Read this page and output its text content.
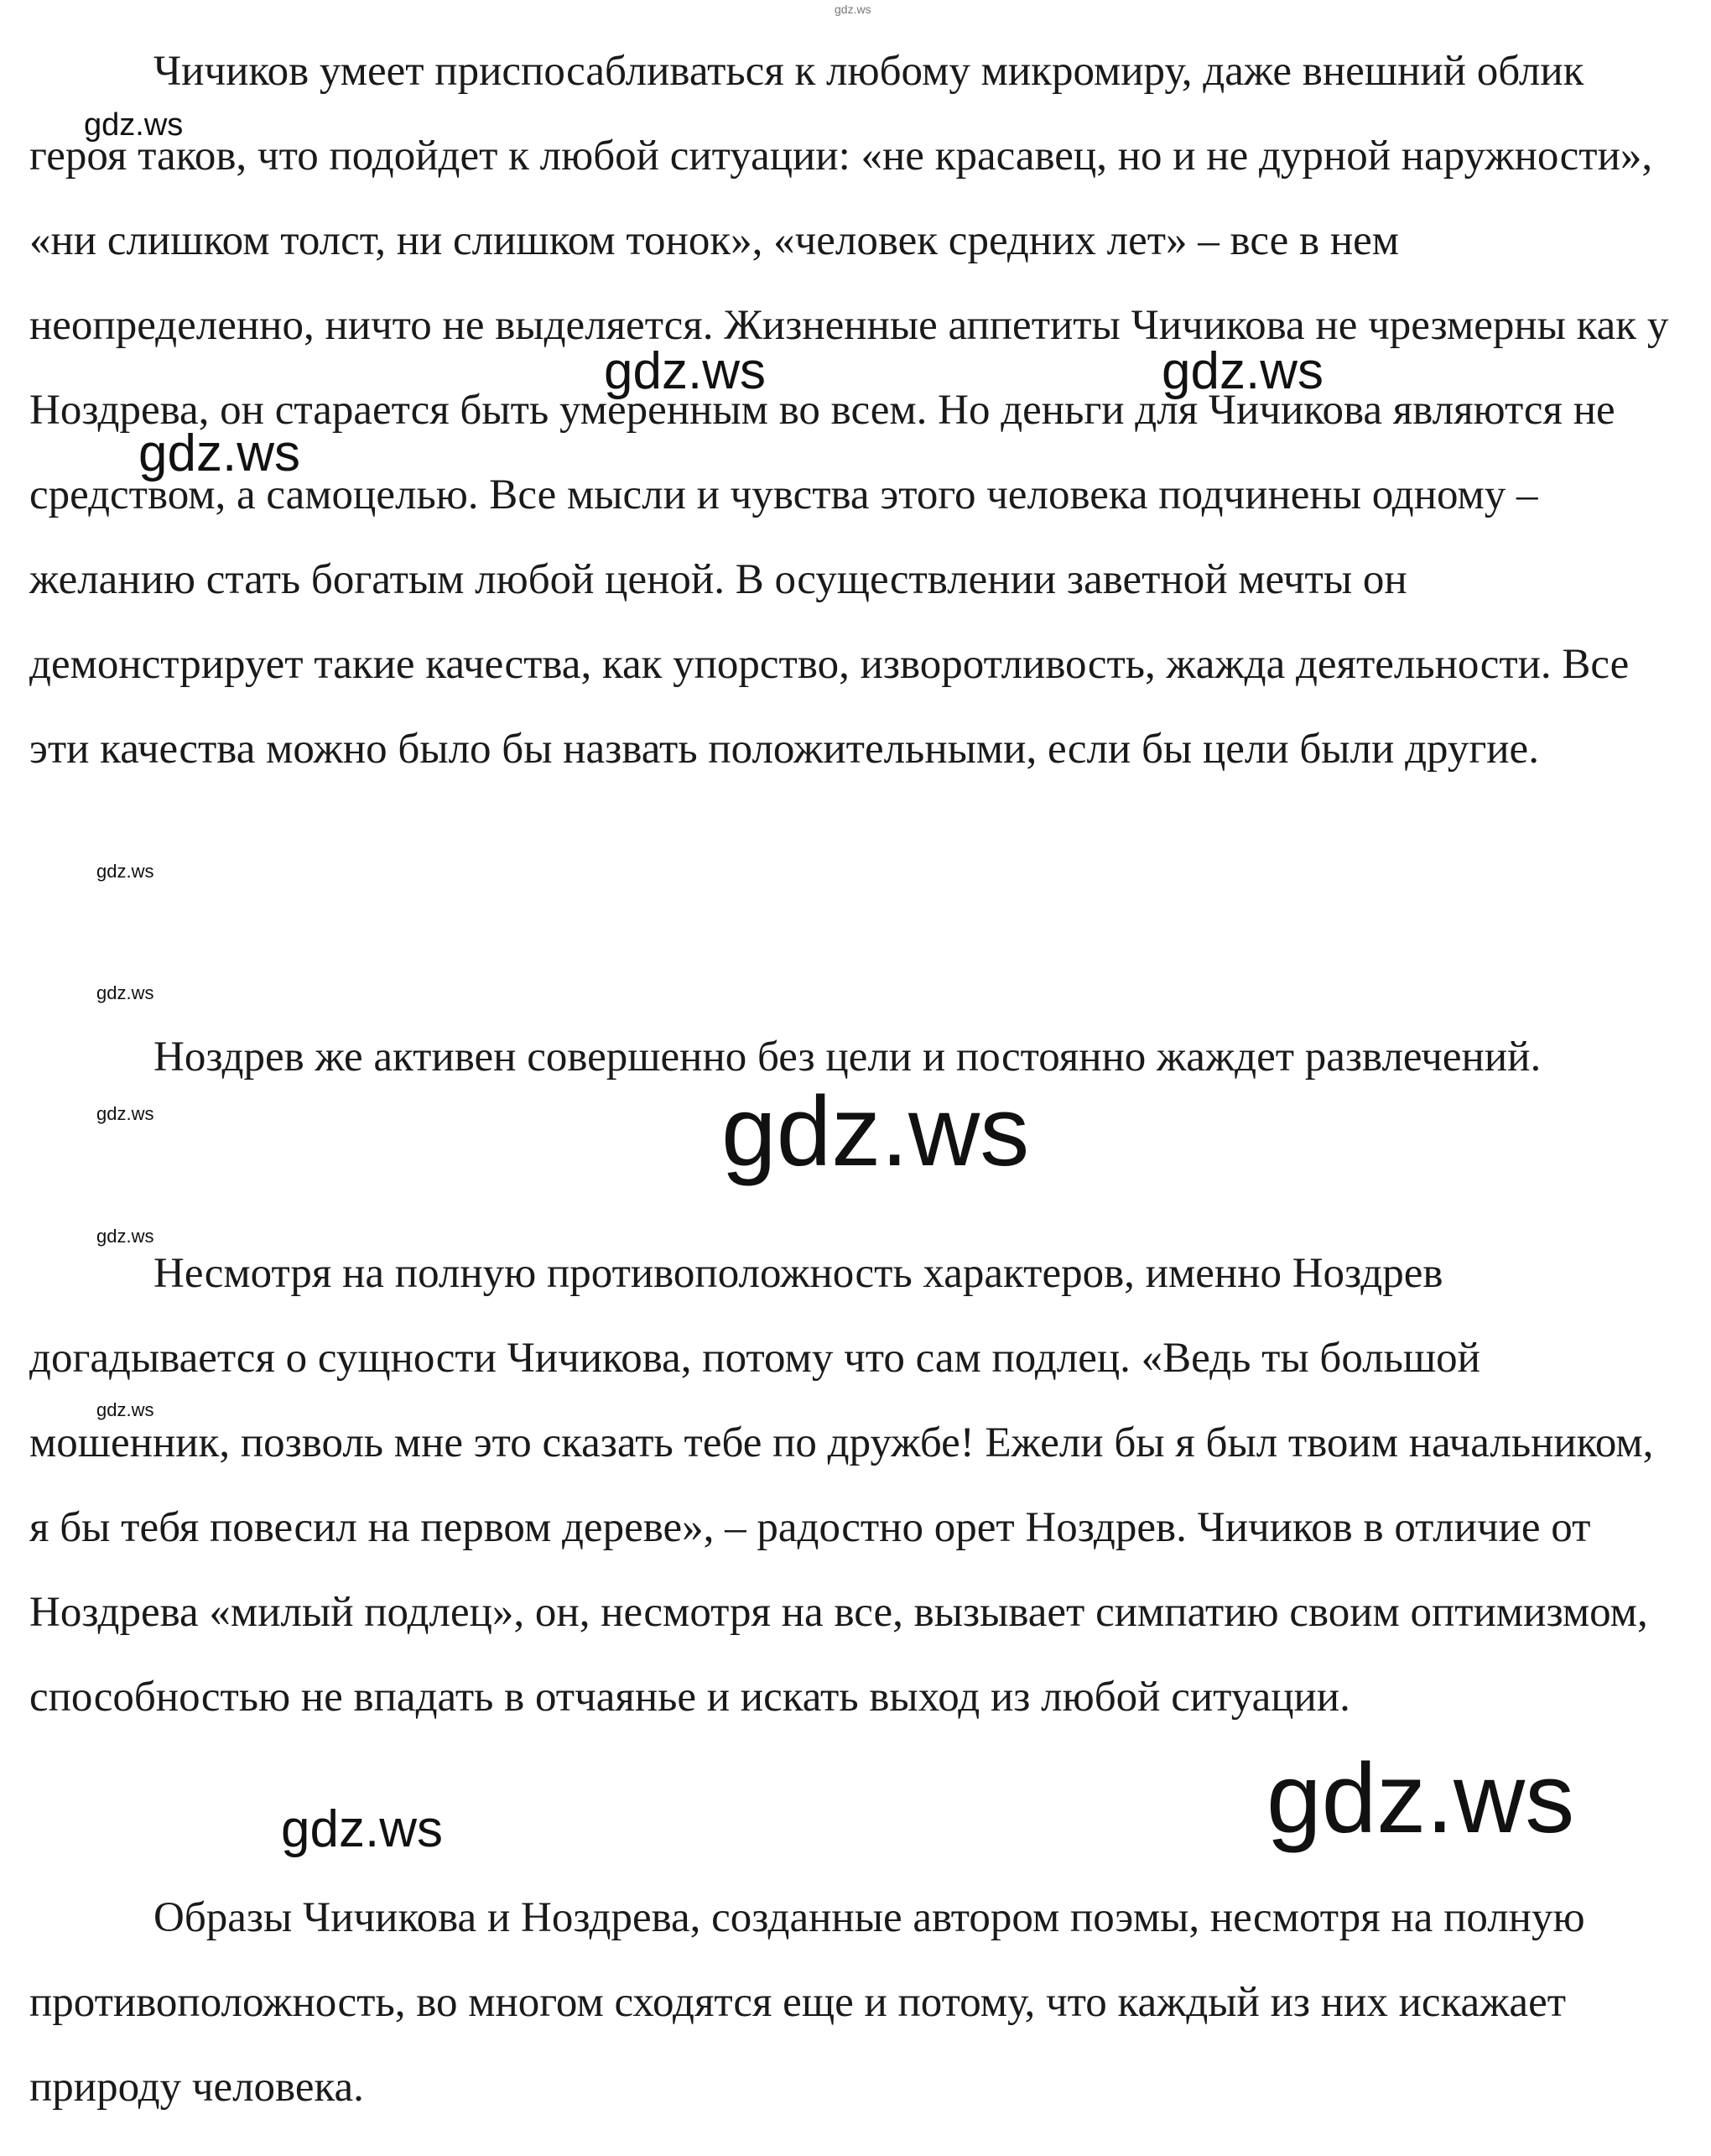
Чичиков умеет приспосабливаться к любому микромиру, даже внешний облик героя таков, что подойдет к любой ситуации: «не красавец, но и не дурной наружности», «ни слишком толст, ни слишком тонок», «человек средних лет» – все в нем неопределенно, ничто не выделяется. Жизненные аппетиты Чичикова не чрезмерны как у Ноздрева, он старается быть умеренным во всем. Но деньги для Чичикова являются не средством, а самоцелью. Все мысли и чувства этого человека подчинены одному – желанию стать богатым любой ценой. В осуществлении заветной мечты он демонстрирует такие качества, как упорство, изворотливость, жажда деятельности. Все эти качества можно было бы назвать положительными, если бы цели были другие.

Ноздрев же активен совершенно без цели и постоянно жаждет развлечений.

Несмотря на полную противоположность характеров, именно Ноздрев догадывается о сущности Чичикова, потому что сам подлец. «Ведь ты большой мошенник, позволь мне это сказать тебе по дружбе! Ежели бы я был твоим начальником, я бы тебя повесил на первом дереве», – радостно орет Ноздрев. Чичиков в отличие от Ноздрева «милый подлец», он, несмотря на все, вызывает симпатию своим оптимизмом, способностью не впадать в отчаянье и искать выход из любой ситуации.

Образы Чичикова и Ноздрева, созданные автором поэмы, несмотря на полную противоположность, во многом сходятся еще и потому, что каждый из них искажает природу человека.

gdz.ws
gdz.ws
gdz.ws	gdz.ws
gdz.ws
gdz.ws
gdz.ws
gdz.ws
gdz.ws
gdz.ws
gdz.ws
gdz.ws
gdz.ws
